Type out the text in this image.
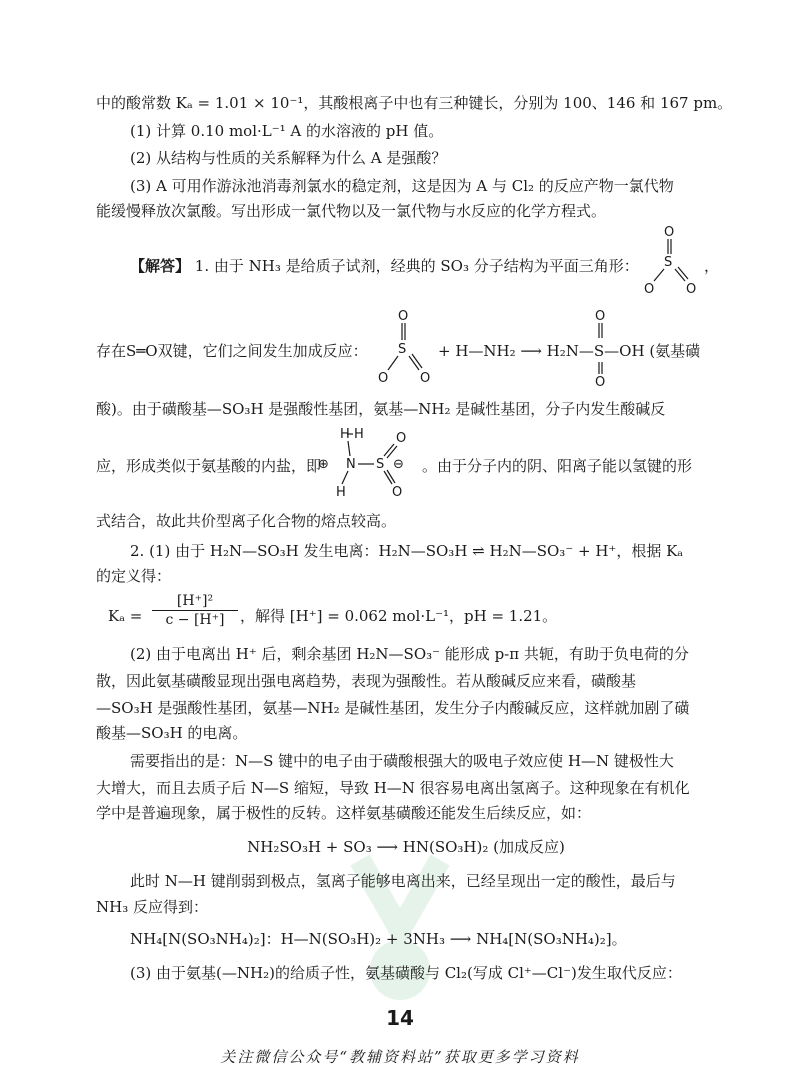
中的酸常数 Kₐ = 1.01 × 10⁻¹，其酸根离子中也有三种键长，分别为 100、146 和 167 pm。
(1) 计算 0.10 mol·L⁻¹ A 的水溶液的 pH 值。
(2) 从结构与性质的关系解释为什么 A 是强酸？
(3) A 可用作游泳池消毒剂氯水的稳定剂，这是因为 A 与 Cl₂ 的反应产物一氯代物
能缓慢释放次氯酸。写出形成一氯代物以及一氯代物与水反应的化学方程式。
【解答】 1. 由于 NH₃ 是给质子试剂，经典的 SO₃ 分子结构为平面三角形：	，
O
S
O O
存在S═O双键，它们之间发生加成反应：
O
S
O O
+ H—NH₂ ⟶ H₂N—S—OH (氨基磺
O
O
酸)。由于磺酸基—SO₃H 是强酸性基团，氨基—NH₂ 是碱性基团，分子内发生酸碱反
应，形成类似于氨基酸的内盐，即
H H
⊕ N
H
S
O
⊖
O
。由于分子内的阴、阳离子能以氢键的形
式结合，故此共价型离子化合物的熔点较高。
2. (1) 由于 H₂N—SO₃H 发生电离：H₂N—SO₃H ⇌ H₂N—SO₃⁻ + H⁺，根据 Kₐ
的定义得：
$K_a = \frac{\text{[H⁺]²}}{c - [H^+]}$ ，解得 [H⁺] = 0.062 mol·L⁻¹，pH = 1.21。
(2) 由于电离出 H⁺ 后，剩余基团 H₂N—SO₃⁻ 能形成 p-π 共轭，有助于负电荷的分
散，因此氨基磺酸显现出强电离趋势，表现为强酸性。若从酸碱反应来看，磺酸基
—SO₃H 是强酸性基团，氨基—NH₂ 是碱性基团，发生分子内酸碱反应，这样就加剧了磺
酸基—SO₃H 的电离。
需要指出的是：N—S 键中的电子由于磺酸根强大的吸电子效应使 H—N 键极性大
大增大，而且去质子后 N—S 缩短，导致 H—N 很容易电离出氢离子。这种现象在有机化
学中是普遍现象，属于极性的反转。这样氨基磺酸还能发生后续反应，如：
NH₂SO₃H + SO₃ ⟶ HN(SO₃H)₂ (加成反应)
此时 N—H 键削弱到极点，氢离子能够电离出来，已经呈现出一定的酸性，最后与
NH₃ 反应得到：
NH₄[N(SO₃NH₄)₂]：H—N(SO₃H)₂ + 3NH₃ ⟶ NH₄[N(SO₃NH₄)₂]。
(3) 由于氨基(—NH₂)的给质子性，氨基磺酸与 Cl₂(写成 Cl⁺—Cl⁻)发生取代反应：
14
关注微信公众号“教辅资料站”获取更多学习资料
